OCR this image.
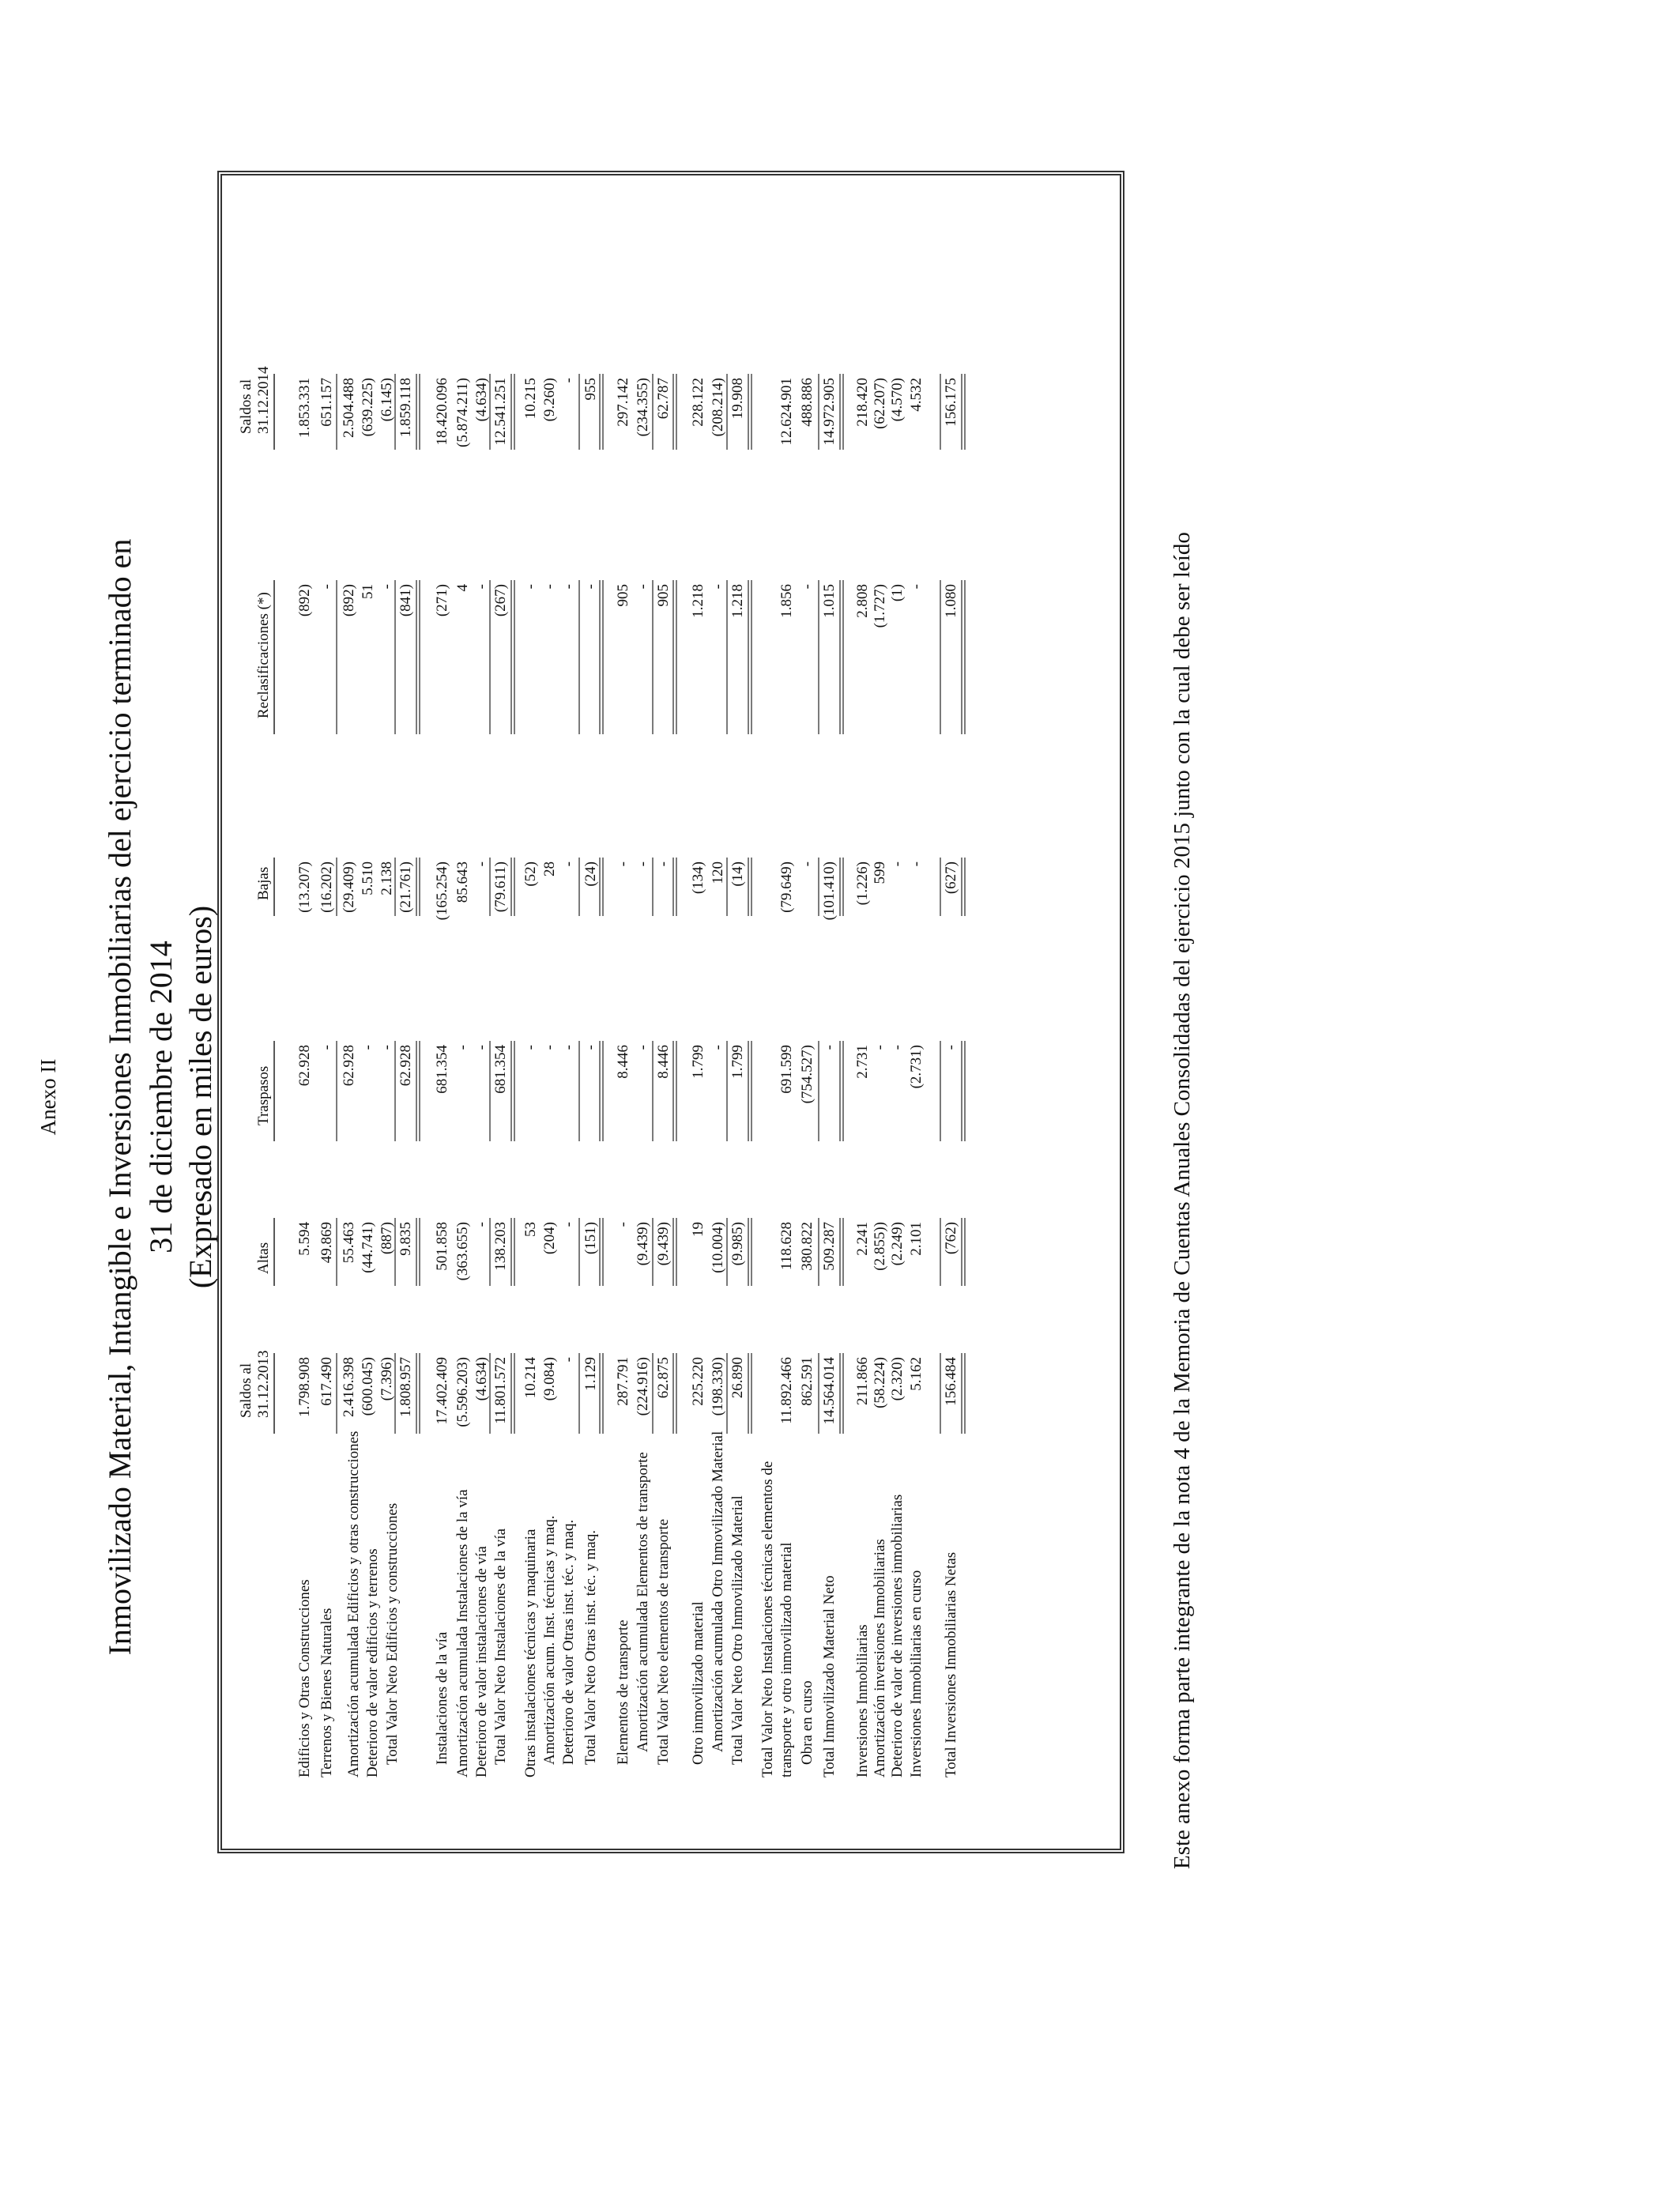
Anexo II Inmovilizado Material, Intangible e Inversiones Inmobiliarias del ejercicio terminado en 31 de diciembre de 2014 (Expresado en miles de euros)
Saldos al 31.12.2013
Altas
Traspasos
Bajas
Reclasificaciones (*)
Saldos al 31.12.2014
Edificios y Otras Construcciones
1.798.908
5.594
62.928
(13.207)
(892)
1.853.331
Terrenos y Bienes Naturales
617.490
49.869
-
(16.202)
-
651.157
Amortización acumulada Edificios y otras construcciones
2.416.398
55.463
62.928
(29.409)
(892)
2.504.488
Deterioro de valor edificios y terrenos
(600.045)
(44.741)
-
5.510
51
(639.225)
Total Valor Neto Edificios y construcciones
(7.396)
(887)
-
2.138
-
(6.145)
1.808.957
9.835
62.928
(21.761)
(841)
1.859.118
Instalaciones de la vía
17.402.409
501.858
681.354
(165.254)
(271)
18.420.096
Amortización acumulada Instalaciones de la vía
(5.596.203)
(363.655)
-
85.643
4
(5.874.211)
Deterioro de valor instalaciones de vía
(4.634)
-
-
-
-
(4.634)
Total Valor Neto Instalaciones de la vía
11.801.572
138.203
681.354
(79.611)
(267)
12.541.251
Otras instalaciones técnicas y maquinaria
10.214
53
-
(52)
-
10.215
Amortización acum. Inst. técnicas y maq.
(9.084)
(204)
-
28
-
(9.260)
Deterioro de valor Otras inst. téc. y maq.
-
-
-
-
-
-
Total Valor Neto Otras inst. téc. y maq.
1.129
(151)
-
(24)
-
955
Elementos de transporte
287.791
-
8.446
-
905
297.142
Amortización acumulada Elementos de transporte
(224.916)
(9.439)
-
-
-
(234.355)
Total Valor Neto elementos de transporte
62.875
(9.439)
8.446
-
905
62.787
Otro inmovilizado material
225.220
19
1.799
(134)
1.218
228.122
Amortización acumulada Otro Inmovilizado Material
(198.330)
(10.004)
-
120
-
(208.214)
Total Valor Neto Otro Inmovilizado Material
26.890
(9.985)
1.799
(14)
1.218
19.908
Total Valor Neto Instalaciones técnicas elementos de transporte y otro inmovilizado material
11.892.466
118.628
691.599
(79.649)
1.856
12.624.901
Obra en curso
862.591
380.822
(754.527)
-
-
488.886
Total Inmovilizado Material Neto
14.564.014
509.287
-
(101.410)
1.015
14.972.905
Inversiones Inmobiliarias
211.866
2.241
2.731
(1.226)
2.808
218.420
Amortización inversiones Inmobiliarias
(58.224)
(2.855))
-
599
(1.727)
(62.207)
Deterioro de valor de inversiones inmobiliarias
(2.320)
(2.249)
-
-
(1)
(4.570)
Inversiones Inmobiliarias en curso
5.162
2.101
(2.731)
-
-
4.532
Total Inversiones Inmobiliarias Netas
156.484
(762)
-
(627)
1.080
156.175
Este anexo forma parte integrante de la nota 4 de la Memoria de Cuentas Anuales Consolidadas del ejercicio 2015 junto con la cual debe ser leído
